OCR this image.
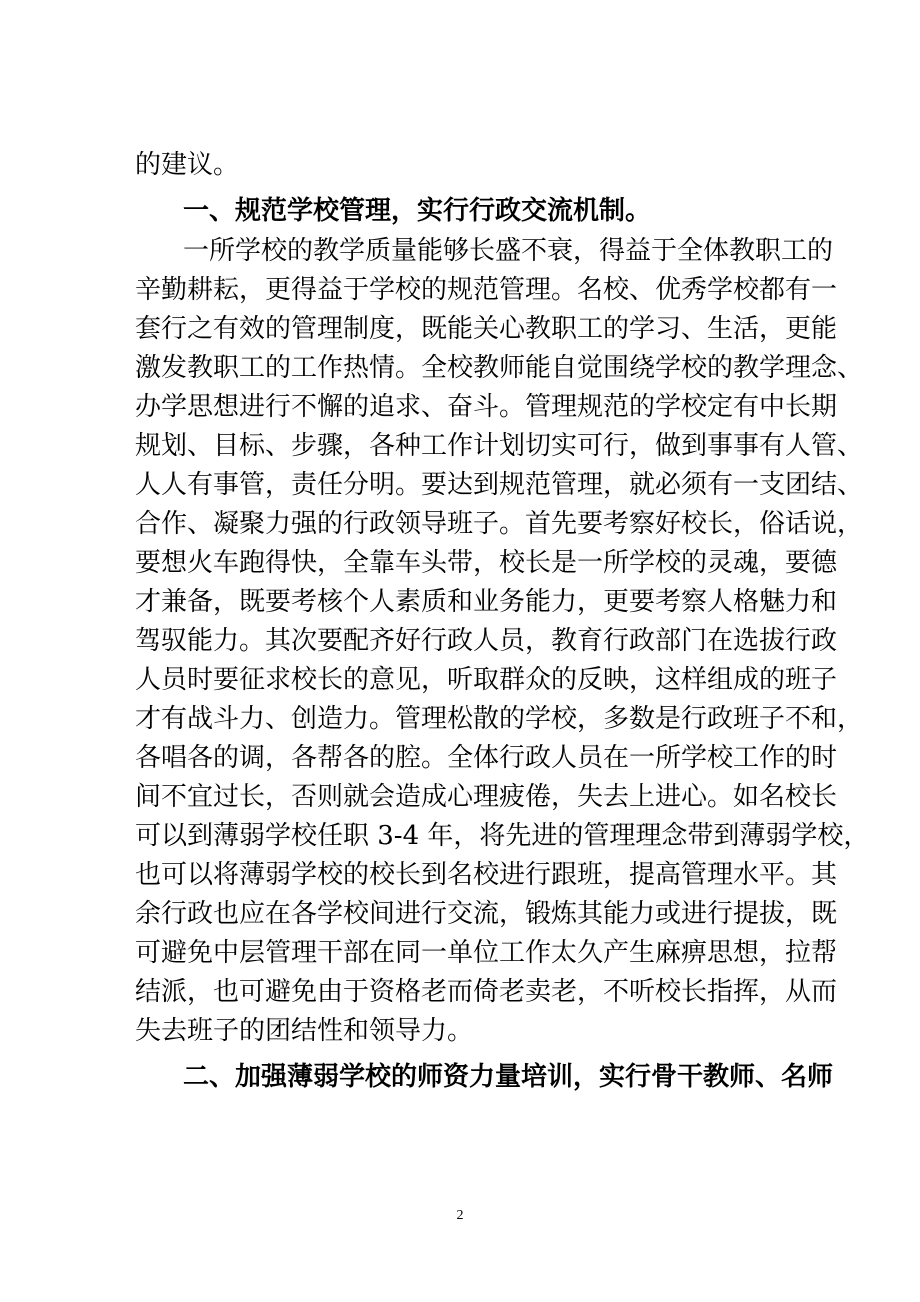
的建议。
一、规范学校管理，实行行政交流机制。
一所学校的教学质量能够长盛不衰，得益于全体教职工的
辛勤耕耘，更得益于学校的规范管理。名校、优秀学校都有一
套行之有效的管理制度，既能关心教职工的学习、生活，更能
激发教职工的工作热情。全校教师能自觉围绕学校的教学理念、
办学思想进行不懈的追求、奋斗。管理规范的学校定有中长期
规划、目标、步骤，各种工作计划切实可行，做到事事有人管、
人人有事管，责任分明。要达到规范管理，就必须有一支团结、
合作、凝聚力强的行政领导班子。首先要考察好校长，俗话说，
要想火车跑得快，全靠车头带，校长是一所学校的灵魂，要德
才兼备，既要考核个人素质和业务能力，更要考察人格魅力和
驾驭能力。其次要配齐好行政人员，教育行政部门在选拔行政
人员时要征求校长的意见，听取群众的反映，这样组成的班子
才有战斗力、创造力。管理松散的学校，多数是行政班子不和，
各唱各的调，各帮各的腔。全体行政人员在一所学校工作的时
间不宜过长，否则就会造成心理疲倦，失去上进心。如名校长
可以到薄弱学校任职 3-4 年，将先进的管理理念带到薄弱学校，
也可以将薄弱学校的校长到名校进行跟班，提高管理水平。其
余行政也应在各学校间进行交流，锻炼其能力或进行提拔，既
可避免中层管理干部在同一单位工作太久产生麻痹思想，拉帮
结派，也可避免由于资格老而倚老卖老，不听校长指挥，从而
失去班子的团结性和领导力。
二、加强薄弱学校的师资力量培训，实行骨干教师、名师
2
